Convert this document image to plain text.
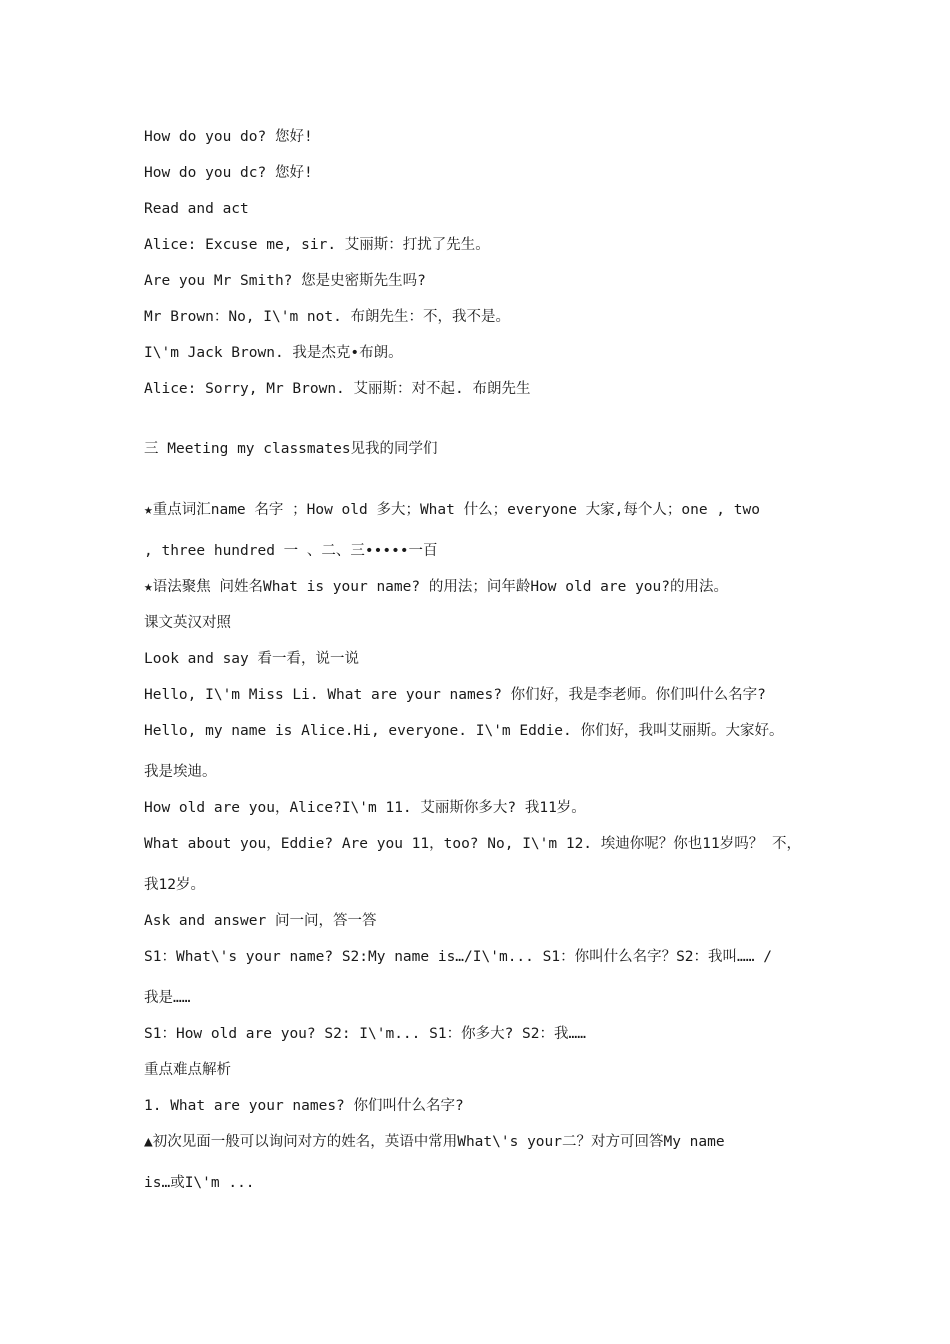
How do you do? 您好!
How do you dc? 您好!
Read and act
Alice: Excuse me, sir. 艾丽斯：打扰了先生。
Are you Mr Smith? 您是史密斯先生吗?
Mr Brown：No, I\'m not. 布朗先生：不，我不是。
I\'m Jack Brown. 我是杰克•布朗。
Alice: Sorry, Mr Brown. 艾丽斯：对不起. 布朗先生
三 Meeting my classmates见我的同学们
★重点词汇name 名字 ；How old 多大；What 什么；everyone 大家,每个人；one , two
, three hundred 一 、二、三•••••一百
★语法聚焦 问姓名What is your name? 的用法；问年龄How old are you?的用法。
课文英汉对照
Look and say 看一看，说一说
Hello, I\'m Miss Li. What are your names? 你们好，我是李老师。你们叫什么名字?
Hello, my name is Alice.Hi, everyone. I\'m Eddie. 你们好，我叫艾丽斯。大家好。
我是埃迪。
How old are you，Alice?I\'m 11. 艾丽斯你多大? 我11岁。
What about you，Eddie? Are you 11，too? No, I\'m 12. 埃迪你呢？你也11岁吗？ 不，
我12岁。
Ask and answer 问一问，答一答
S1：What\'s your name? S2:My name is…/I\'m... S1：你叫什么名字？S2：我叫…… /
我是……
S1：How old are you? S2: I\'m... S1：你多大? S2：我……
重点难点解析
1. What are your names? 你们叫什么名字?
▲初次见面一般可以询问对方的姓名，英语中常用What\'s your二？对方可回答My name
is…或I\'m ...
